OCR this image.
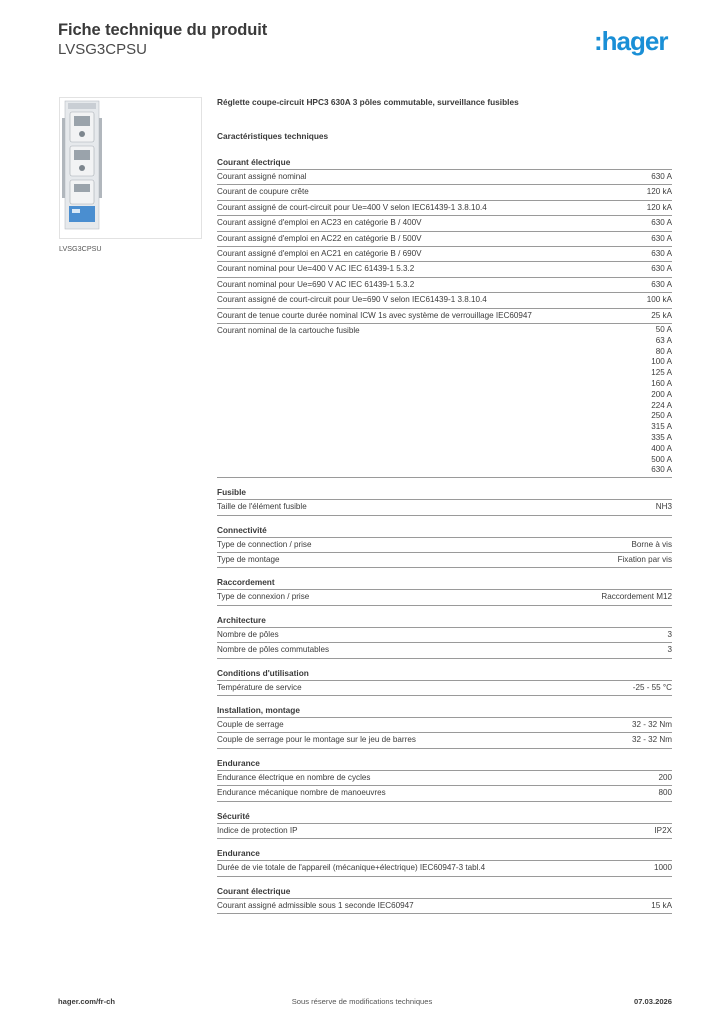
Fiche technique du produit
LVSG3CPSU	:hager
LVSG3CPSU
Réglette coupe-circuit HPC3 630A 3 pôles commutable, surveillance fusibles
Caractéristiques techniques
Courant électrique
Courant assigné nominal	630 A
Courant de coupure crête	120 kA
Courant assigné de court-circuit pour Ue=400 V selon IEC61439-1 3.8.10.4	120 kA
Courant assigné d'emploi en AC23 en catégorie B / 400V	630 A
Courant assigné d'emploi en AC22 en catégorie B / 500V	630 A
Courant assigné d'emploi en AC21 en catégorie B / 690V	630 A
Courant nominal pour Ue=400 V AC IEC 61439-1 5.3.2	630 A
Courant nominal pour Ue=690 V AC IEC 61439-1 5.3.2	630 A
Courant assigné de court-circuit pour Ue=690 V selon IEC61439-1 3.8.10.4	100 kA
Courant de tenue courte durée nominal ICW 1s avec système de verrouillage IEC60947	25 kA
Courant nominal de la cartouche fusible	50 A
63 A
80 A
100 A
125 A
160 A
200 A
224 A
250 A
315 A
335 A
400 A
500 A
630 A
Fusible
Taille de l'élément fusible	NH3
Connectivité
Type de connection / prise	Borne à vis
Type de montage	Fixation par vis
Raccordement
Type de connexion / prise	Raccordement M12
Architecture
Nombre de pôles	3
Nombre de pôles commutables	3
Conditions d'utilisation
Température de service	-25 - 55 °C
Installation, montage
Couple de serrage	32 - 32 Nm
Couple de serrage pour le montage sur le jeu de barres	32 - 32 Nm
Endurance
Endurance électrique en nombre de cycles	200
Endurance mécanique nombre de manoeuvres	800
Sécurité
Indice de protection IP	IP2X
Endurance
Durée de vie totale de l'appareil (mécanique+électrique) IEC60947-3 tabl.4	1000
Courant électrique
Courant assigné admissible sous 1 seconde IEC60947	15 kA
hager.com/fr-ch	Sous réserve de modifications techniques	07.03.2026
